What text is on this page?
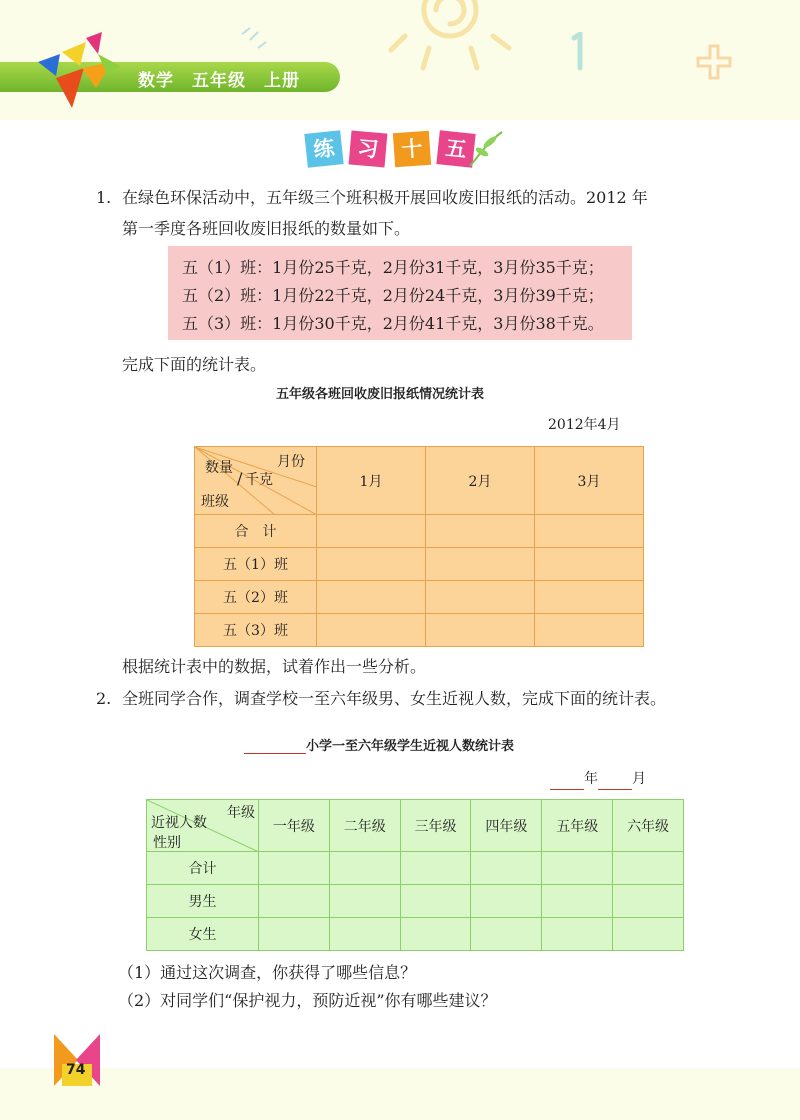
数学　五年级　上册
练 习	十 五
1. 在绿色环保活动中，五年级三个班积极开展回收废旧报纸的活动。2012 年
第一季度各班回收废旧报纸的数量如下。
五（1）班：1月份25千克，2月份31千克，3月份35千克；
五（2）班：1月份22千克，2月份24千克，3月份39千克；
五（3）班：1月份30千克，2月份41千克，3月份38千克。
完成下面的统计表。
五年级各班回收废旧报纸情况统计表
2012年4月
月份
数量
/ 千克
班级	1月	2月	3月
合　计			
五（1）班			
五（2）班			
五（3）班			
根据统计表中的数据，试着作出一些分析。
2. 全班同学合作，调查学校一至六年级男、女生近视人数，完成下面的统计表。
小学一至六年级学生近视人数统计表
年 月
年级
近视人数
性别	一年级	二年级	三年级	四年级	五年级	六年级
合计						
男生						
女生						
（1）通过这次调查，你获得了哪些信息？
（2）对同学们“保护视力，预防近视”你有哪些建议？
74
